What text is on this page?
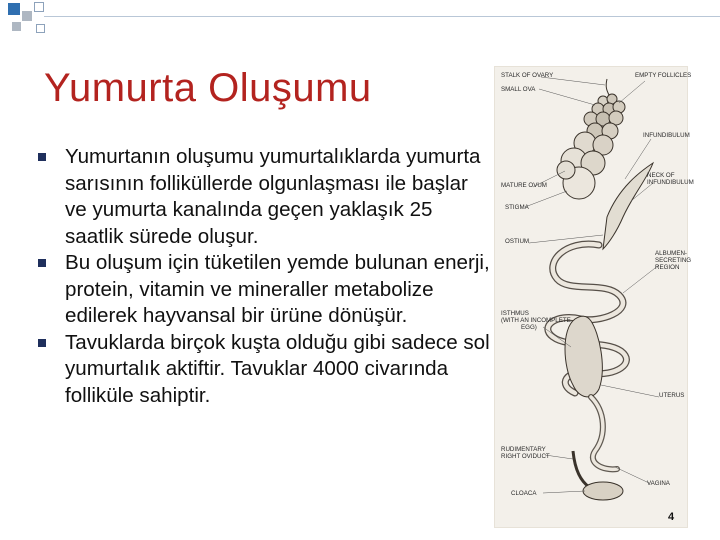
Yumurta Oluşumu
Yumurtanın oluşumu yumurtalıklarda yumurta sarısının folliküllerde olgunlaşması ile başlar ve yumurta kanalında geçen yaklaşık 25 saatlik sürede oluşur.
Bu oluşum için tüketilen yemde bulunan enerji, protein, vitamin ve mineraller metabolize edilerek hayvansal bir ürüne dönüşür.
Tavuklarda birçok kuşta olduğu gibi sadece sol yumurtalık aktiftir. Tavuklar 4000 civarında folliküle sahiptir.
STALK OF OVARY
SMALL OVA
EMPTY FOLLICLES
INFUNDIBULUM
MATURE OVUM
NECK OF
INFUNDIBULUM
STIGMA
OSTIUM
ALBUMEN-
SECRETING
REGION
ISTHMUS
(WITH AN INCOMPLETE
EGG)
UTERUS
RUDIMENTARY
RIGHT OVIDUCT
VAGINA
CLOACA
4
